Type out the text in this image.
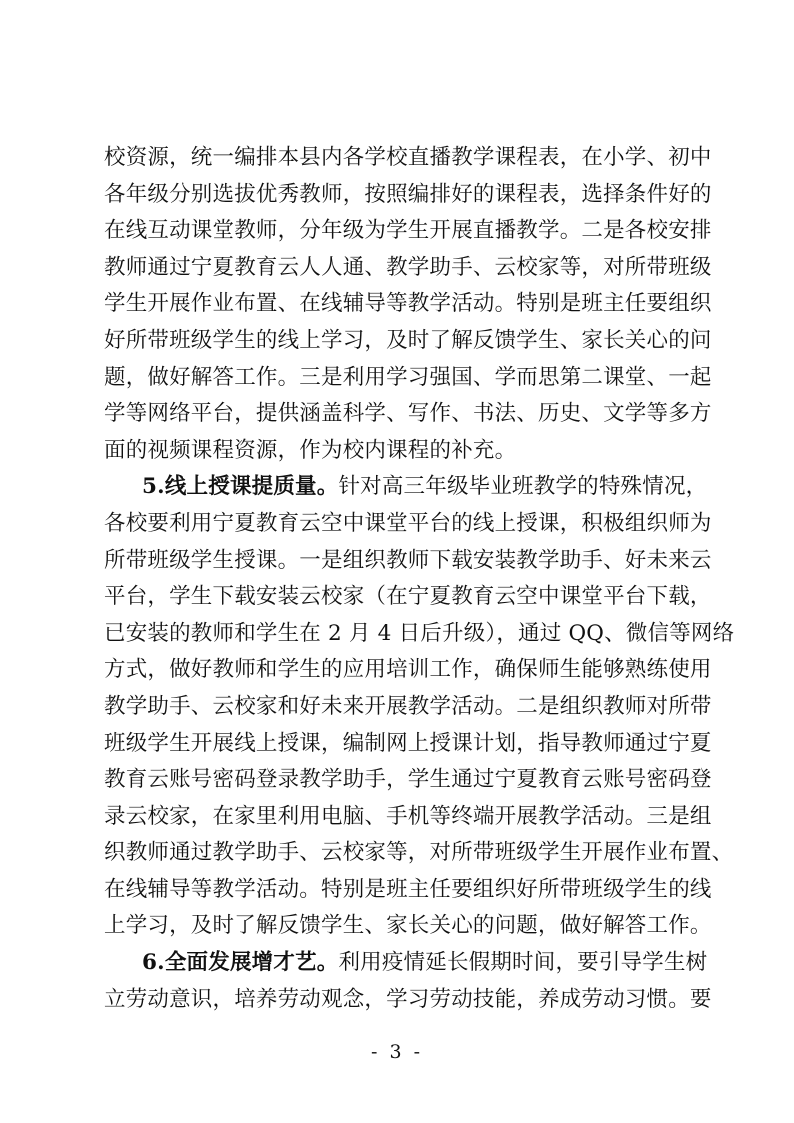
校资源，统一编排本县内各学校直播教学课程表，在小学、初中
各年级分别选拔优秀教师，按照编排好的课程表，选择条件好的
在线互动课堂教师，分年级为学生开展直播教学。二是各校安排
教师通过宁夏教育云人人通、教学助手、云校家等，对所带班级
学生开展作业布置、在线辅导等教学活动。特别是班主任要组织
好所带班级学生的线上学习，及时了解反馈学生、家长关心的问
题，做好解答工作。三是利用学习强国、学而思第二课堂、一起
学等网络平台，提供涵盖科学、写作、书法、历史、文学等多方
面的视频课程资源，作为校内课程的补充。
5.线上授课提质量。针对高三年级毕业班教学的特殊情况，
各校要利用宁夏教育云空中课堂平台的线上授课，积极组织师为
所带班级学生授课。一是组织教师下载安装教学助手、好未来云
平台，学生下载安装云校家（在宁夏教育云空中课堂平台下载，
已安装的教师和学生在 2 月 4 日后升级），通过 QQ、微信等网络
方式，做好教师和学生的应用培训工作，确保师生能够熟练使用
教学助手、云校家和好未来开展教学活动。二是组织教师对所带
班级学生开展线上授课，编制网上授课计划，指导教师通过宁夏
教育云账号密码登录教学助手，学生通过宁夏教育云账号密码登
录云校家，在家里利用电脑、手机等终端开展教学活动。三是组
织教师通过教学助手、云校家等，对所带班级学生开展作业布置、
在线辅导等教学活动。特别是班主任要组织好所带班级学生的线
上学习，及时了解反馈学生、家长关心的问题，做好解答工作。
6.全面发展增才艺。利用疫情延长假期时间，要引导学生树
立劳动意识，培养劳动观念，学习劳动技能，养成劳动习惯。要
- 3 -
